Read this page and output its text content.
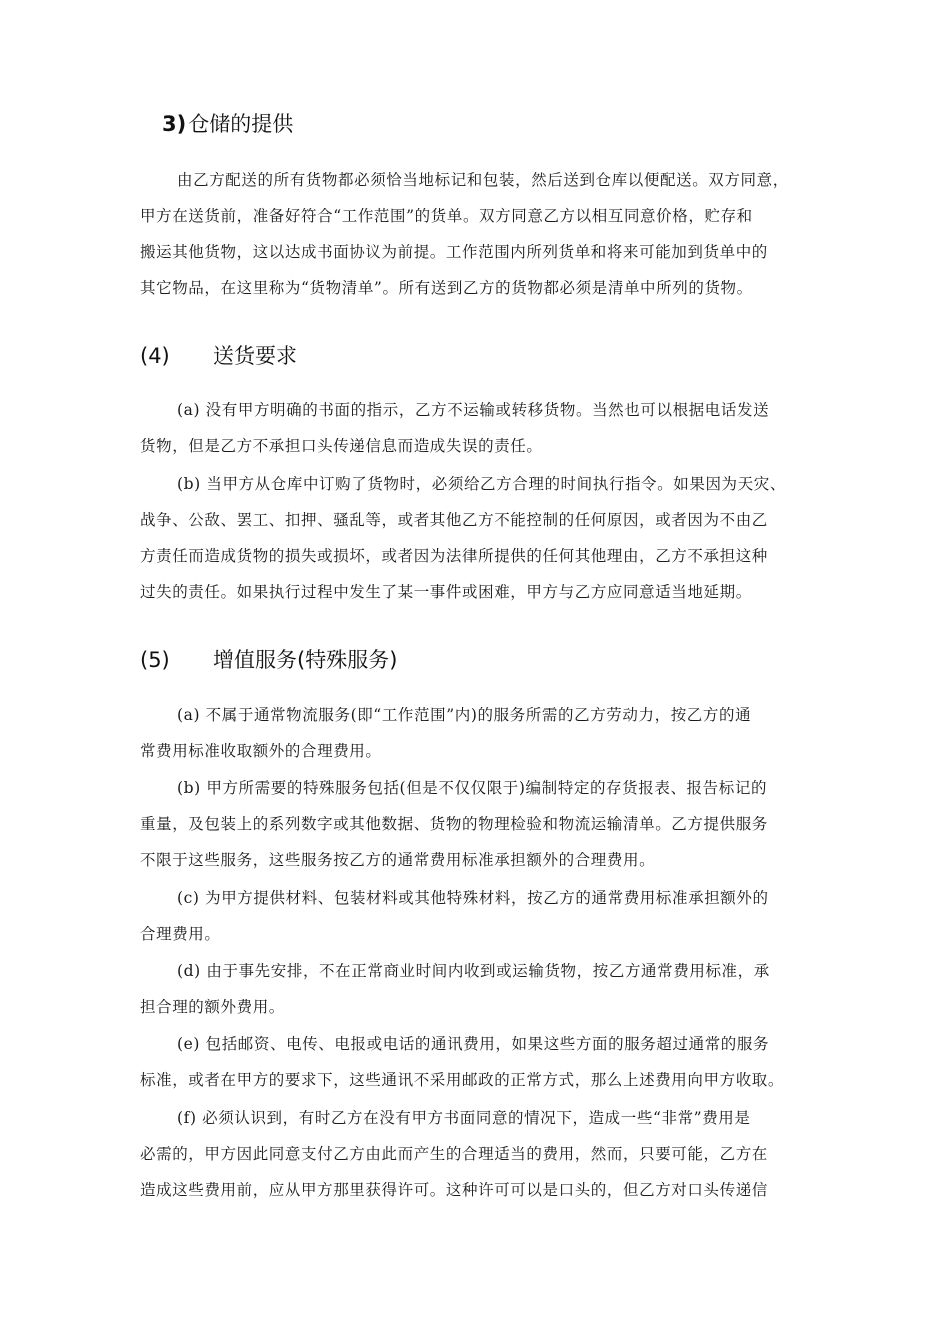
3)仓储的提供
由乙方配送的所有货物都必须恰当地标记和包装，然后送到仓库以便配送。双方同意，
甲方在送货前，准备好符合“工作范围”的货单。双方同意乙方以相互同意价格，贮存和
搬运其他货物，这以达成书面协议为前提。工作范围内所列货单和将来可能加到货单中的
其它物品，在这里称为“货物清单”。所有送到乙方的货物都必须是清单中所列的货物。
(4) 送货要求
(a) 没有甲方明确的书面的指示，乙方不运输或转移货物。当然也可以根据电话发送
货物，但是乙方不承担口头传递信息而造成失误的责任。
(b) 当甲方从仓库中订购了货物时，必须给乙方合理的时间执行指令。如果因为天灾、
战争、公敌、罢工、扣押、骚乱等，或者其他乙方不能控制的任何原因，或者因为不由乙
方责任而造成货物的损失或损坏，或者因为法律所提供的任何其他理由，乙方不承担这种
过失的责任。如果执行过程中发生了某一事件或困难，甲方与乙方应同意适当地延期。
(5) 增值服务(特殊服务)
(a) 不属于通常物流服务(即“工作范围”内)的服务所需的乙方劳动力，按乙方的通
常费用标准收取额外的合理费用。
(b) 甲方所需要的特殊服务包括(但是不仅仅限于)编制特定的存货报表、报告标记的
重量，及包装上的系列数字或其他数据、货物的物理检验和物流运输清单。乙方提供服务
不限于这些服务，这些服务按乙方的通常费用标准承担额外的合理费用。
(c) 为甲方提供材料、包装材料或其他特殊材料，按乙方的通常费用标准承担额外的
合理费用。
(d) 由于事先安排，不在正常商业时间内收到或运输货物，按乙方通常费用标准，承
担合理的额外费用。
(e) 包括邮资、电传、电报或电话的通讯费用，如果这些方面的服务超过通常的服务
标准，或者在甲方的要求下，这些通讯不采用邮政的正常方式，那么上述费用向甲方收取。
(f) 必须认识到，有时乙方在没有甲方书面同意的情况下，造成一些“非常”费用是
必需的，甲方因此同意支付乙方由此而产生的合理适当的费用，然而，只要可能，乙方在
造成这些费用前，应从甲方那里获得许可。这种许可可以是口头的，但乙方对口头传递信
